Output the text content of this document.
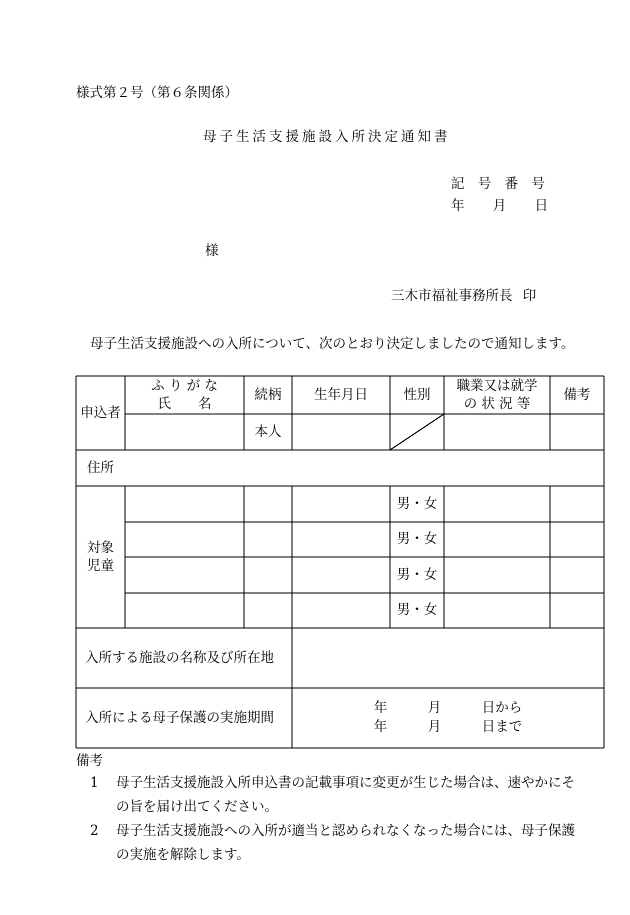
様式第２号（第６条関係）
母子生活支援施設入所決定通知書
記 号 番 号
年 月 日
様
三木市福祉事務所長 印
母子生活支援施設への入所について、次のとおり決定しましたので通知します。
申込者
ふ り が な
氏　　名
続柄	生年月日	性別
職業又は就学
の 状 況 等
備考
本人
住所
対象
児童
男・女
男・女
男・女
男・女
入所する施設の名称及び所在地
入所による母子保護の実施期間
年　　　月　　　日から
年　　　月　　　日まで
備考
1 母子生活支援施設入所申込書の記載事項に変更が生じた場合は、速やかにその旨を届け出てください。
2 母子生活支援施設への入所が適当と認められなくなった場合には、母子保護の実施を解除します。
